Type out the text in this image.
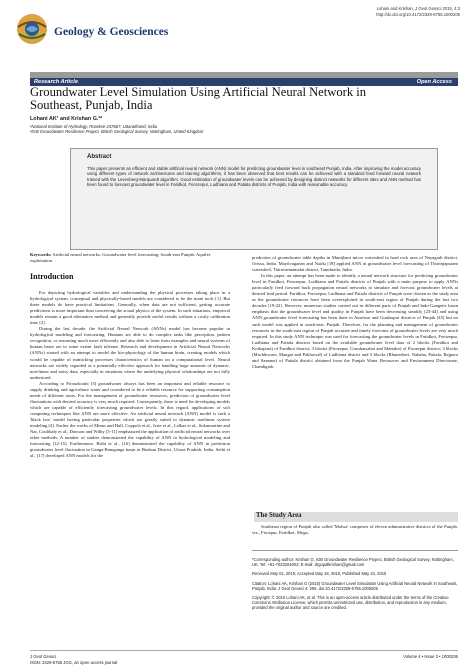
Lohani and Krishan, J Geol Geosci 2015, 4:3
http://dx.doi.org/10.4172/2329-6755.1000206
Geology & Geosciences
Research Article	Open Access
Groundwater Level Simulation Using Artificial Neural Network in Southeast, Punjab, India
Lohani AK¹ and Krishan G.²*
¹National Institute of Hydrology, Roorkee-247667, Uttarakhand, India
²IGB Groundwater Resilience Project, British Geological Survey, Nottingham, United Kingdom
Abstract
This paper presents an efficient and stable artificial neural network (ANN) model for predicting groundwater level in southeast Punjab, India. After improving the model accuracy using different types of network architectures and training algorithms, it has been observed that best results can be achieved with a standard feed forward neural network trained with the Levenberg-Marquardt algorithm. Good estimation of groundwater levels can be achieved by designing distinct networks for different sites and ANN method has been found to forecast groundwater level in Faridkot, Ferozepur, Ludhiana and Patiala districts of Punjab, India with reasonable accuracy.
Keywords: Artificial neural networks; Groundwater level forecasting; South-east Punjab; Aquifer exploitation
Introduction

For depicting hydrological variables and understanding the physical processes taking place in a hydrological system, conceptual and physically-based models are considered to be the main tools [1]. But these models do have practical limitations. Generally, when data are not sufficient, getting accurate predictions is more important than conceiving the actual physics of the system. In such situations, empirical models remain a good alternative method and generally provide useful results without a costly calibration time [2].

During the last decade, the Artificial Neural Network (ANNs) model has become popular in hydrological modeling and forecasting. Humans are able to do complex tasks like perception, pattern recognition, or reasoning much more efficiently and also able to learn from examples and neural systems of human brain are to some extent fault tolerant. Research and development in Artificial Neural Networks (ANNs) started with an attempt to model the bio-physiology of the human brain, creating models which would be capable of mimicking processes characteristics of human on a computational level. Neural networks are widely regarded as a potentially effective approach for handling large amounts of dynamic, non-linear and noisy data, especially in situations where the underlying physical relationships are not fully understood.

According to Firouzkouhi [3] groundwater always has been an important and reliable resource to supply drinking and agriculture water and considered to be a reliable resource for supporting consumption needs of different users. For the management of groundwater resources, prediction of groundwater level fluctuations with desired accuracy is very much required. Consequently, there is need for developing models which are capable of efficiently forecasting groundwater levels. In this regard, applications of soft computing techniques like ANN are more effective. An artificial neural network (ANN) model is such a 'black box' model having particular properties which are greatly suited to dynamic nonlinear system modeling [4]. Earlier the works of Minns and Hall, Coppola et al., Izrie et al., Lelkas et al., Sokumartine and Nar, Coulibaly et al., Dawson and Wilby [5-11] emphasized the application of artificial neural networks over other methods. A number of studies demonstrated the capability of ANN in hydrological modeling and forecasting [12-15]. Furthermore, Bisht et al., [16] demonstrated the capability of ANN in prediction groundwater level fluctuation in Ganga-Ramganga basin in Budaun District, Uttara Pradesh, India. Sethi et al., [17] developed ANN models for the

prediction of groundwater table depths in Munijhara micro watershed in hard rock area of Nayagarh district, Orissa, India. Mayilvaganan and Naidu [18] applied ANN in groundwater level forecasting of Thurinjapuram watershed, Thiruvannamalai district, Tamilnadu, India.

In this paper, an attempt has been made to identify a neural network structure for predicting groundwater level in Faridkot, Ferozepur, Ludhiana and Patiala districts of Punjab with a main purpose to apply ANNs particularly feed forward back propagation neural networks to simulate and forecast groundwater levels at desired lead period. Faridkot, Ferozepur, Ludhiana and Patiala districts of Punjab were chosen as the study area as the groundwater resources have been overexploited in south-east region of Punjab during the last two decades [19-22]. However, numerous studies carried out in different parts of Punjab and Indo-Gangetic basin emphasis that the groundwater level and quality in Punjab have been decreasing steadily [23-44] and using ANN groundwater level forecasting has been done in Amritsar and Gurdaspur districts of Punjab [45] but no such model was applied in south-east, Punjab. Therefore, for the planning and management of groundwater resources in the south-east region of Punjab accurate and timely forecasts of groundwater levels are very much required. In this study ANN technique was used for forecasting the groundwater levels in Faridkot, Ferozepur, Ludhiana and Patiala districts based on the available groundwater level data of 2 blocks (Faridkot and Kotkapura) of Faridkot district; 3 blocks (Firozepur, Guruharsahai and Mamdot) of Firozepur district; 3 blocks (Machhiwara, Mangat and Pakhowal) of Ludhiana district and 5 blocks (Bhunerheri, Nabaha, Patiala, Rajpura and Samana) of Patiala district obtained from the Punjab Water Resources and Environment Directorate, Chandigarh.

The Study Area

Southeast region of Punjab also called 'Malwa' comprises of eleven administrative districts of the Punjab, viz., Firozpur, Faridkot, Moga,

*Corresponding author: Krishan G, IGB Groundwater Resilience Project, British Geological Survey, Nottingham, UK, Tel: +91-7023264002; E-mail: drgopalkrishan@gmail.com

Received May 01, 2015; Accepted May 18, 2015; Published May 22, 2015

Citation: Lohani AK, Krishan G (2015) Groundwater Level Simulation Using Artificial Neural Network in Southeast, Punjab, India. J Geol Geosci 4: 206. doi:10.4172/2329-6755.1000206

Copyright: © 2015 Lohani AK, et al. This is an open-access article distributed under the terms of the Creative Commons Attribution License, which permits unrestricted use, distribution, and reproduction in any medium, provided the original author and source are credited.

J Geol Geosci
ISSN: 2329-6755 JGG, an open access journal
Volume 4 • Issue 3 • 1000206
